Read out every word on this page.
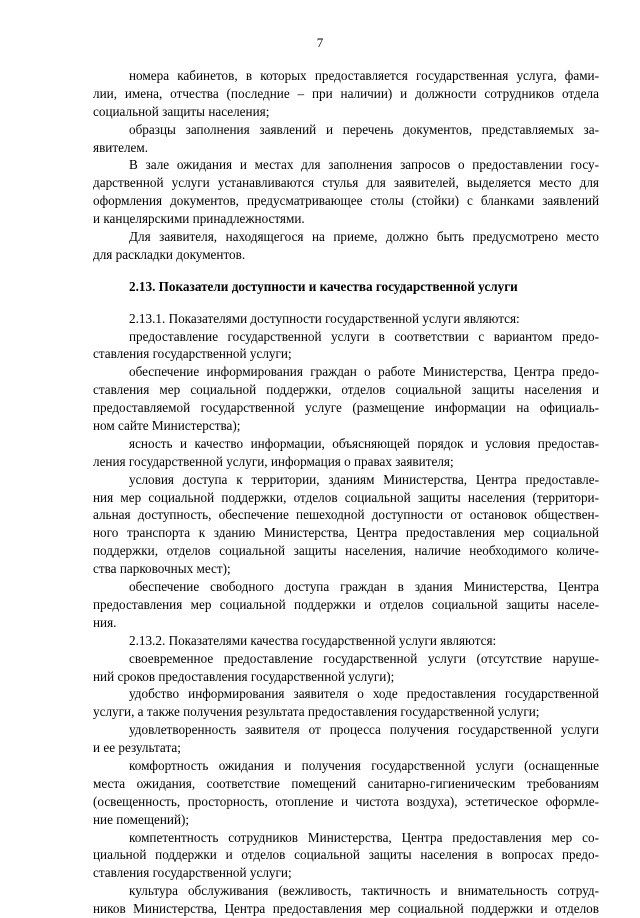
7
номера кабинетов, в которых предоставляется государственная услуга, фами-
лии, имена, отчества (последние – при наличии) и должности сотрудников отдела
социальной защиты населения;
образцы заполнения заявлений и перечень документов, представляемых за-
явителем.
В зале ожидания и местах для заполнения запросов о предоставлении госу-
дарственной услуги устанавливаются стулья для заявителей, выделяется место для
оформления документов, предусматривающее столы (стойки) с бланками заявлений
и канцелярскими принадлежностями.
Для заявителя, находящегося на приеме, должно быть предусмотрено место
для раскладки документов.
2.13. Показатели доступности и качества государственной услуги
2.13.1. Показателями доступности государственной услуги являются:
предоставление государственной услуги в соответствии с вариантом предо-
ставления государственной услуги;
обеспечение информирования граждан о работе Министерства, Центра предо-
ставления мер социальной поддержки, отделов социальной защиты населения и
предоставляемой государственной услуге (размещение информации на официаль-
ном сайте Министерства);
ясность и качество информации, объясняющей порядок и условия предостав-
ления государственной услуги, информация о правах заявителя;
условия доступа к территории, зданиям Министерства, Центра предоставле-
ния мер социальной поддержки, отделов социальной защиты населения (территори-
альная доступность, обеспечение пешеходной доступности от остановок обществен-
ного транспорта к зданию Министерства, Центра предоставления мер социальной
поддержки, отделов социальной защиты населения, наличие необходимого количе-
ства парковочных мест);
обеспечение свободного доступа граждан в здания Министерства, Центра
предоставления мер социальной поддержки и отделов социальной защиты населе-
ния.
2.13.2. Показателями качества государственной услуги являются:
своевременное предоставление государственной услуги (отсутствие наруше-
ний сроков предоставления государственной услуги);
удобство информирования заявителя о ходе предоставления государственной
услуги, а также получения результата предоставления государственной услуги;
удовлетворенность заявителя от процесса получения государственной услуги
и ее результата;
комфортность ожидания и получения государственной услуги (оснащенные
места ожидания, соответствие помещений санитарно-гигиеническим требованиям
(освещенность, просторность, отопление и чистота воздуха), эстетическое оформле-
ние помещений);
компетентность сотрудников Министерства, Центра предоставления мер со-
циальной поддержки и отделов социальной защиты населения в вопросах предо-
ставления государственной услуги;
культура обслуживания (вежливость, тактичность и внимательность сотруд-
ников Министерства, Центра предоставления мер социальной поддержки и отделов
